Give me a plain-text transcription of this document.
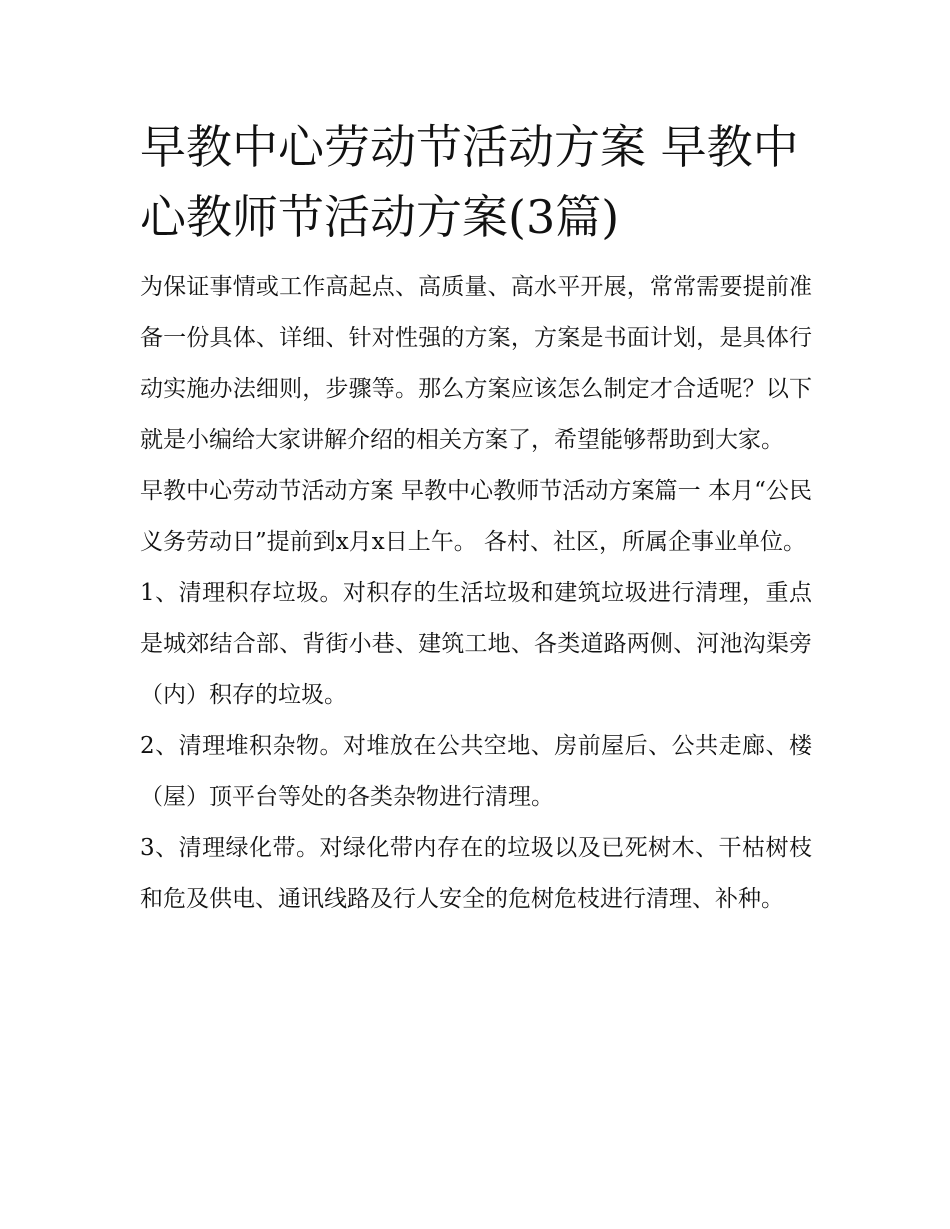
早教中心劳动节活动方案 早教中心教师节活动方案(3篇)

为保证事情或工作高起点、高质量、高水平开展，常常需要提前准备一份具体、详细、针对性强的方案，方案是书面计划，是具体行动实施办法细则，步骤等。那么方案应该怎么制定才合适呢？以下就是小编给大家讲解介绍的相关方案了，希望能够帮助到大家。

早教中心劳动节活动方案 早教中心教师节活动方案篇一 本月“公民义务劳动日”提前到x月x日上午。 各村、社区，所属企事业单位。

1、清理积存垃圾。对积存的生活垃圾和建筑垃圾进行清理，重点是城郊结合部、背街小巷、建筑工地、各类道路两侧、河池沟渠旁（内）积存的垃圾。

2、清理堆积杂物。对堆放在公共空地、房前屋后、公共走廊、楼（屋）顶平台等处的各类杂物进行清理。

3、清理绿化带。对绿化带内存在的垃圾以及已死树木、干枯树枝和危及供电、通讯线路及行人安全的危树危枝进行清理、补种。
